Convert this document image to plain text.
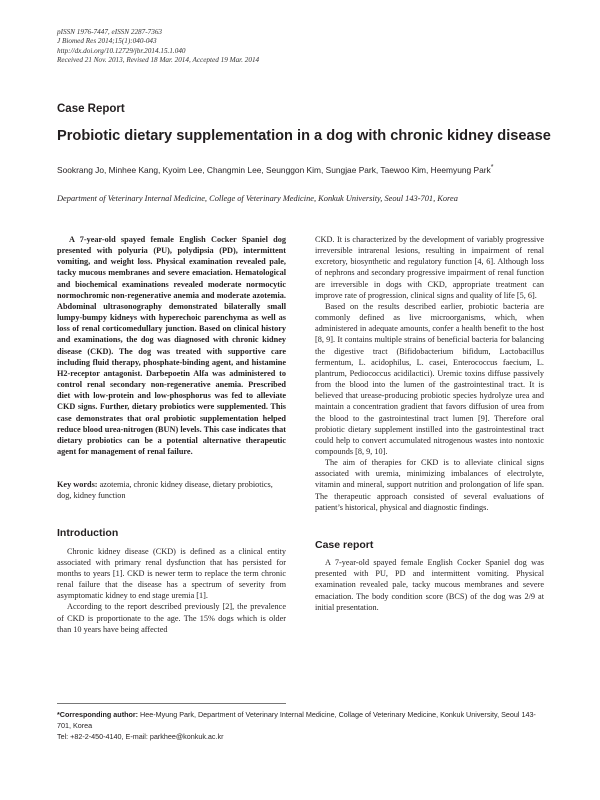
pISSN 1976-7447, eISSN 2287-7363
J Biomed Res 2014;15(1):040-043
http://dx.doi.org/10.12729/jbr.2014.15.1.040
Received 21 Nov. 2013, Revised 18 Mar. 2014, Accepted 19 Mar. 2014
Case Report
Probiotic dietary supplementation in a dog with chronic kidney disease
Sookrang Jo, Minhee Kang, Kyoim Lee, Changmin Lee, Seunggon Kim, Sungjae Park, Taewoo Kim, Heemyung Park*
Department of Veterinary Internal Medicine, College of Veterinary Medicine, Konkuk University, Seoul 143-701, Korea

A 7-year-old spayed female English Cocker Spaniel dog presented with polyuria (PU), polydipsia (PD), intermittent vomiting, and weight loss. Physical examination revealed pale, tacky mucous membranes and severe emaciation. Hematological and biochemical examinations revealed moderate normocytic normochromic non-regenerative anemia and moderate azotemia. Abdominal ultrasonography demonstrated bilaterally small lumpy-bumpy kidneys with hyperechoic parenchyma as well as loss of renal corticomedullary junction. Based on clinical history and examinations, the dog was diagnosed with chronic kidney disease (CKD). The dog was treated with supportive care including fluid therapy, phosphate-binding agent, and histamine H2-receptor antagonist. Darbepoetin Alfa was administered to control renal secondary non-regenerative anemia. Prescribed diet with low-protein and low-phosphorus was fed to alleviate CKD signs. Further, dietary probiotics were supplemented. This case demonstrates that oral probiotic supplementation helped reduce blood urea-nitrogen (BUN) levels. This case indicates that dietary probiotics can be a potential alternative therapeutic agent for management of renal failure.

Key words: azotemia, chronic kidney disease, dietary probiotics, dog, kidney function

Introduction

Chronic kidney disease (CKD) is defined as a clinical entity associated with primary renal dysfunction that has persisted for months to years [1]. CKD is newer term to replace the term chronic renal failure that the disease has a spectrum of severity from asymptomatic kidney to end stage uremia [1].

According to the report described previously [2], the prevalence of CKD is proportionate to the age. The 15% dogs which is older than 10 years have being affected

CKD. It is characterized by the development of variably progressive irreversible intrarenal lesions, resulting in impairment of renal excretory, biosynthetic and regulatory function [4, 6]. Although loss of nephrons and secondary progressive impairment of renal function are irreversible in dogs with CKD, appropriate treatment can improve rate of progression, clinical signs and quality of life [5, 6].

Based on the results described earlier, probiotic bacteria are commonly defined as live microorganisms, which, when administered in adequate amounts, confer a health benefit to the host [8, 9]. It contains multiple strains of beneficial bacteria for balancing the digestive tract (Bifidobacterium bifidum, Lactobacillus fermentum, L. acidophilus, L. casei, Enterococcus faecium, L. plantrum, Pediococcus acidilactici). Uremic toxins diffuse passively from the blood into the lumen of the gastrointestinal tract. It is believed that urease-producing probiotic species hydrolyze urea and maintain a concentration gradient that favors diffusion of urea from the blood to the gastrointestinal tract lumen [9]. Therefore oral probiotic dietary supplement instilled into the gastrointestinal tract could help to convert accumulated nitrogenous wastes into nontoxic compounds [8, 9, 10].

The aim of therapies for CKD is to alleviate clinical signs associated with uremia, minimizing imbalances of electrolyte, vitamin and mineral, support nutrition and prolongation of life span. The therapeutic approach consisted of several evaluations of patient’s historical, physical and diagnostic findings.

Case report

A 7-year-old spayed female English Cocker Spaniel dog was presented with PU, PD and intermittent vomiting. Physical examination revealed pale, tacky mucous membranes and severe emaciation. The body condition score (BCS) of the dog was 2/9 at initial presentation.

*Corresponding author: Hee-Myung Park, Department of Veterinary Internal Medicine, Collage of Veterinary Medicine, Konkuk University, Seoul 143-701, Korea
Tel: +82-2-450-4140, E-mail: parkhee@konkuk.ac.kr
